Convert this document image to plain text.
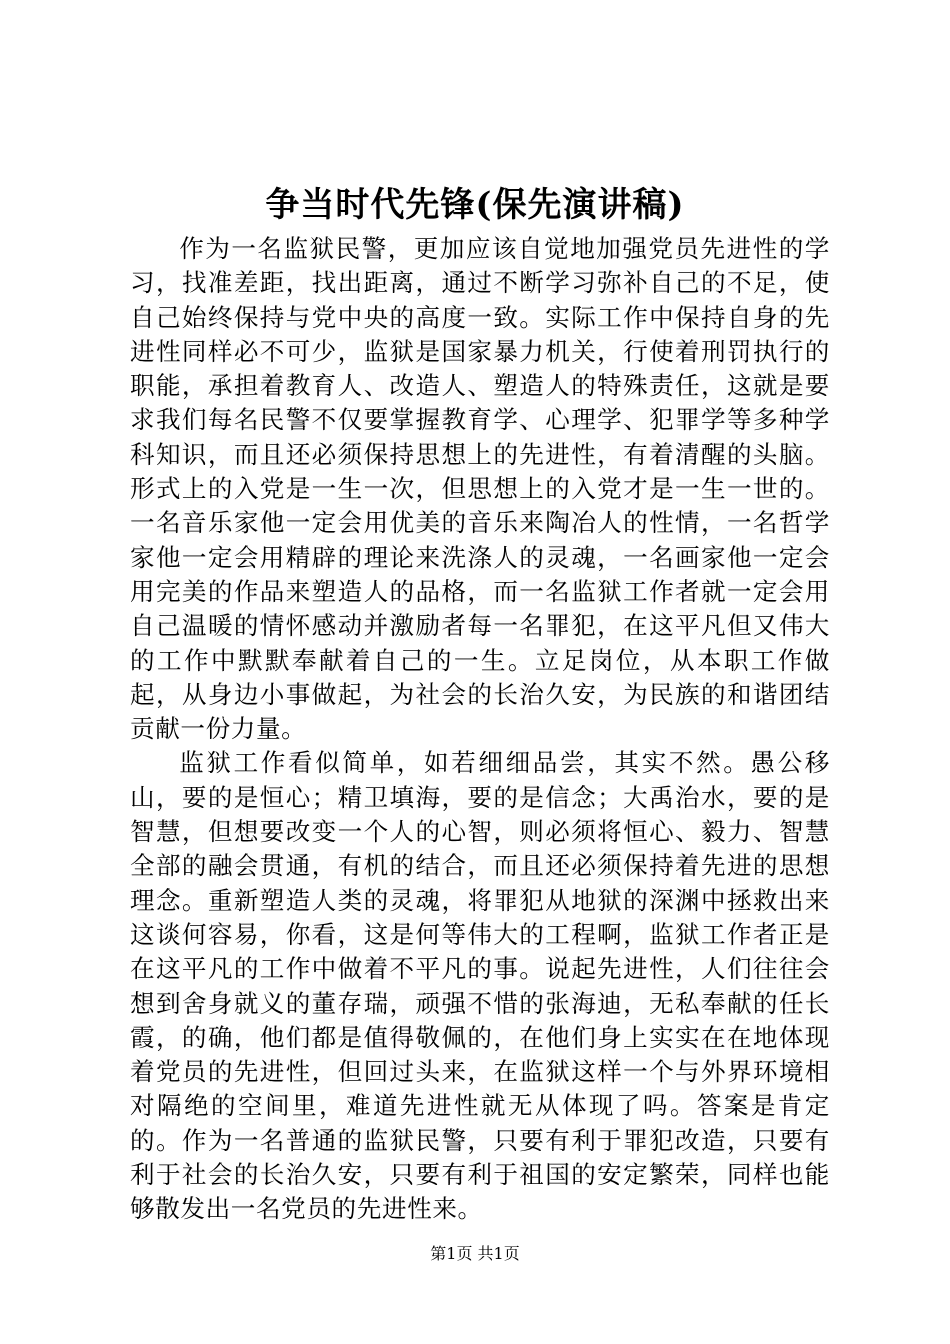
争当时代先锋(保先演讲稿)

作为一名监狱民警，更加应该自觉地加强党员先进性的学习，找准差距，找出距离，通过不断学习弥补自己的不足，使自己始终保持与党中央的高度一致。实际工作中保持自身的先进性同样必不可少，监狱是国家暴力机关，行使着刑罚执行的职能，承担着教育人、改造人、塑造人的特殊责任，这就是要求我们每名民警不仅要掌握教育学、心理学、犯罪学等多种学科知识，而且还必须保持思想上的先进性，有着清醒的头脑。形式上的入党是一生一次，但思想上的入党才是一生一世的。一名音乐家他一定会用优美的音乐来陶冶人的性情，一名哲学家他一定会用精辟的理论来洗涤人的灵魂，一名画家他一定会用完美的作品来塑造人的品格，而一名监狱工作者就一定会用自己温暖的情怀感动并激励者每一名罪犯，在这平凡但又伟大的工作中默默奉献着自己的一生。立足岗位，从本职工作做起，从身边小事做起，为社会的长治久安，为民族的和谐团结贡献一份力量。

监狱工作看似简单，如若细细品尝，其实不然。愚公移山，要的是恒心；精卫填海，要的是信念；大禹治水，要的是智慧，但想要改变一个人的心智，则必须将恒心、毅力、智慧全部的融会贯通，有机的结合，而且还必须保持着先进的思想理念。重新塑造人类的灵魂，将罪犯从地狱的深渊中拯救出来这谈何容易，你看，这是何等伟大的工程啊，监狱工作者正是在这平凡的工作中做着不平凡的事。说起先进性，人们往往会想到舍身就义的董存瑞，顽强不惜的张海迪，无私奉献的任长霞，的确，他们都是值得敬佩的，在他们身上实实在在地体现着党员的先进性，但回过头来，在监狱这样一个与外界环境相对隔绝的空间里，难道先进性就无从体现了吗。答案是肯定的。作为一名普通的监狱民警，只要有利于罪犯改造，只要有利于社会的长治久安，只要有利于祖国的安定繁荣，同样也能够散发出一名党员的先进性来。

第1页 共1页
